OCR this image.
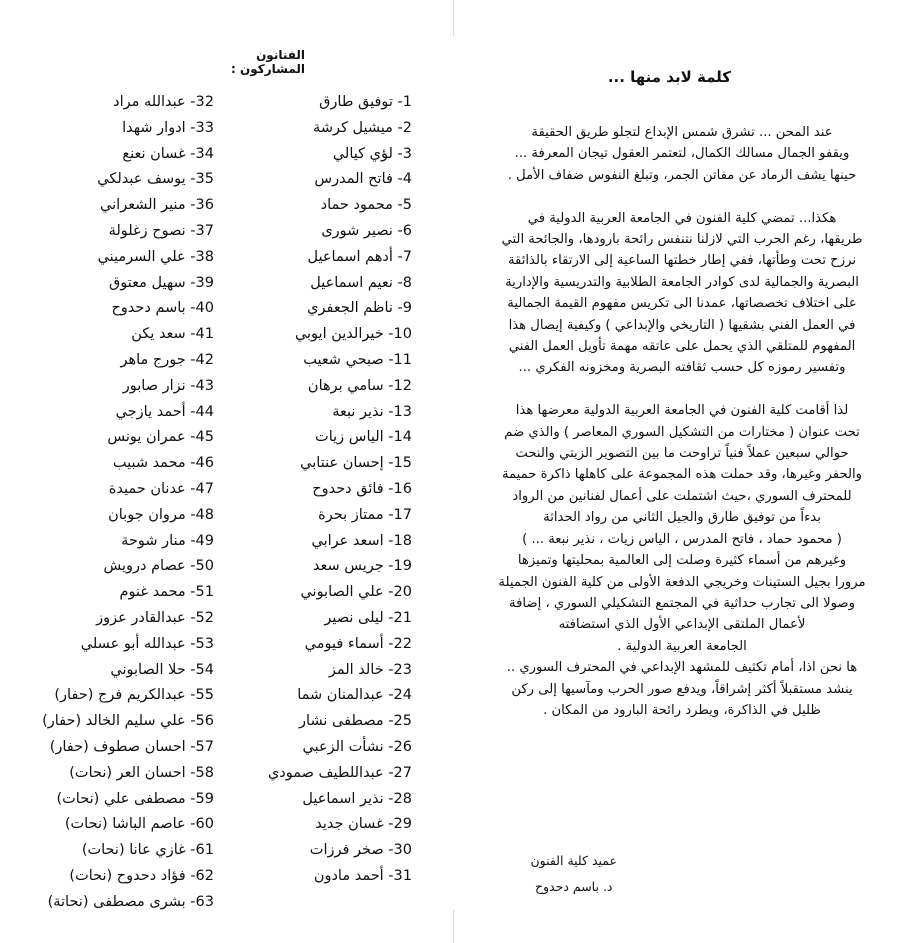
الفنانون المشاركون :
1- توفيق طارق
2- ميشيل كرشة
3- لؤي كيالي
4- فاتح المدرس
5- محمود حماد
6- نصير شورى
7- أدهم اسماعيل
8- نعيم اسماعيل
9- ناظم الجعفري
10- خيرالدين ايوبي
11- صبحي شعيب
12- سامي برهان
13- نذير نبعة
14- الياس زيات
15- إحسان عنتابي
16- فائق دحدوح
17- ممتاز بحرة
18- اسعد عرابي
19- جريس سعد
20- علي الصابوني
21- ليلى نصير
22- أسماء فيومي
23- خالد المز
24- عبدالمنان شما
25- مصطفى نشار
26- نشأت الزعبي
27- عبداللطيف صمودي
28- نذير اسماعيل
29- غسان جديد
30- صخر فرزات
31- أحمد مادون
32- عبدالله مراد
33- ادوار شهدا
34- غسان نعنع
35- يوسف عبدلكي
36- منير الشعراني
37- نصوح زغلولة
38- علي السرميني
39- سهيل معتوق
40- باسم دحدوح
41- سعد يكن
42- جورج ماهر
43- نزار صابور
44- أحمد يازجي
45- عمران يونس
46- محمد شبيب
47- عدنان حميدة
48- مروان جوبان
49- منار شوحة
50- عصام درويش
51- محمد غنوم
52- عبدالقادر عزوز
53- عبدالله أبو عسلي
54- حلا الصابوني
55- عبدالكريم فرج (حفار)
56- علي سليم الخالد (حفار)
57- احسان صطوف (حفار)
58- احسان العر (نحات)
59- مصطفى علي (نحات)
60- عاصم الباشا (نحات)
61- غازي عانا (نحات)
62- فؤاد دحدوح (نحات)
63- بشرى مصطفى (نحاتة)
كلمة لابد منها ...
عند المحن ... تشرق شمس الإبداع لتجلو طريق الحقيقة
ويقفو الجمال مسالك الكمال، لتعتمر العقول تيجان المعرفة ...
حينها يشف الرماد عن مفاتن الجمر، وتبلغ النفوس ضفاف الأمل .
هكذا... تمضي كلية الفنون في الجامعة العربية الدولية في
طريقها، رغم الحرب التي لازلنا نتنفس رائحة بارودها، والجائحة التي
نرزح تحت وطأتها، ففي إطار خطتها الساعية إلى الارتقاء بالذائقة
البصرية والجمالية لدى كوادر الجامعة الطلابية والتدريسية والإدارية
على اختلاف تخصصاتها، عمدنا الى تكريس مفهوم القيمة الجمالية
في العمل الفني بشقيها ( التاريخي والإبداعي ) وكيفية إيصال هذا
المفهوم للمتلقي الذي يحمل على عاتقه مهمة تأويل العمل الفني
وتفسير رموزه كل حسب ثقافته البصرية ومخزونه الفكري ...
لذا أقامت كلية الفنون في الجامعة العربية الدولية معرضها هذا
تحت عنوان ( مختارات من التشكيل السوري المعاصر ) والذي ضم
حوالي سبعين عملاً فنياً تراوحت ما بين التصوير الزيتي والنحت
والحفر وغيرها، وقد حملت هذه المجموعة على كاهلها ذاكرة حميمة
للمحترف السوري ،حيث اشتملت على أعمال لفنانين من الرواد
بدءاً من توفيق طارق والجيل الثاني من رواد الحداثة
( محمود حماد ، فاتح المدرس ، الياس زيات ، نذير نبعة ... )
وغيرهم من أسماء كثيرة وصلت إلى العالمية بمحليتها وتميزها
مرورا بجيل الستينات وخريجي الدفعة الأولى من كلية الفنون الجميلة
وصولا الى تجارب حداثية في المجتمع التشكيلي السوري ، إضافة
لأعمال الملتقى الإبداعي الأول الذي استضافته
الجامعة العربية الدولية .
ها نحن اذا، أمام تكثيف للمشهد الإبداعي في المحترف السوري ..
ينشد مستقبلاً أكثر إشراقاً، ويدفع صور الحرب ومآسيها إلى ركن
ظليل في الذاكرة، ويطرد رائحة البارود من المكان .
عميد كلية الفنون
د. باسم دحدوح
